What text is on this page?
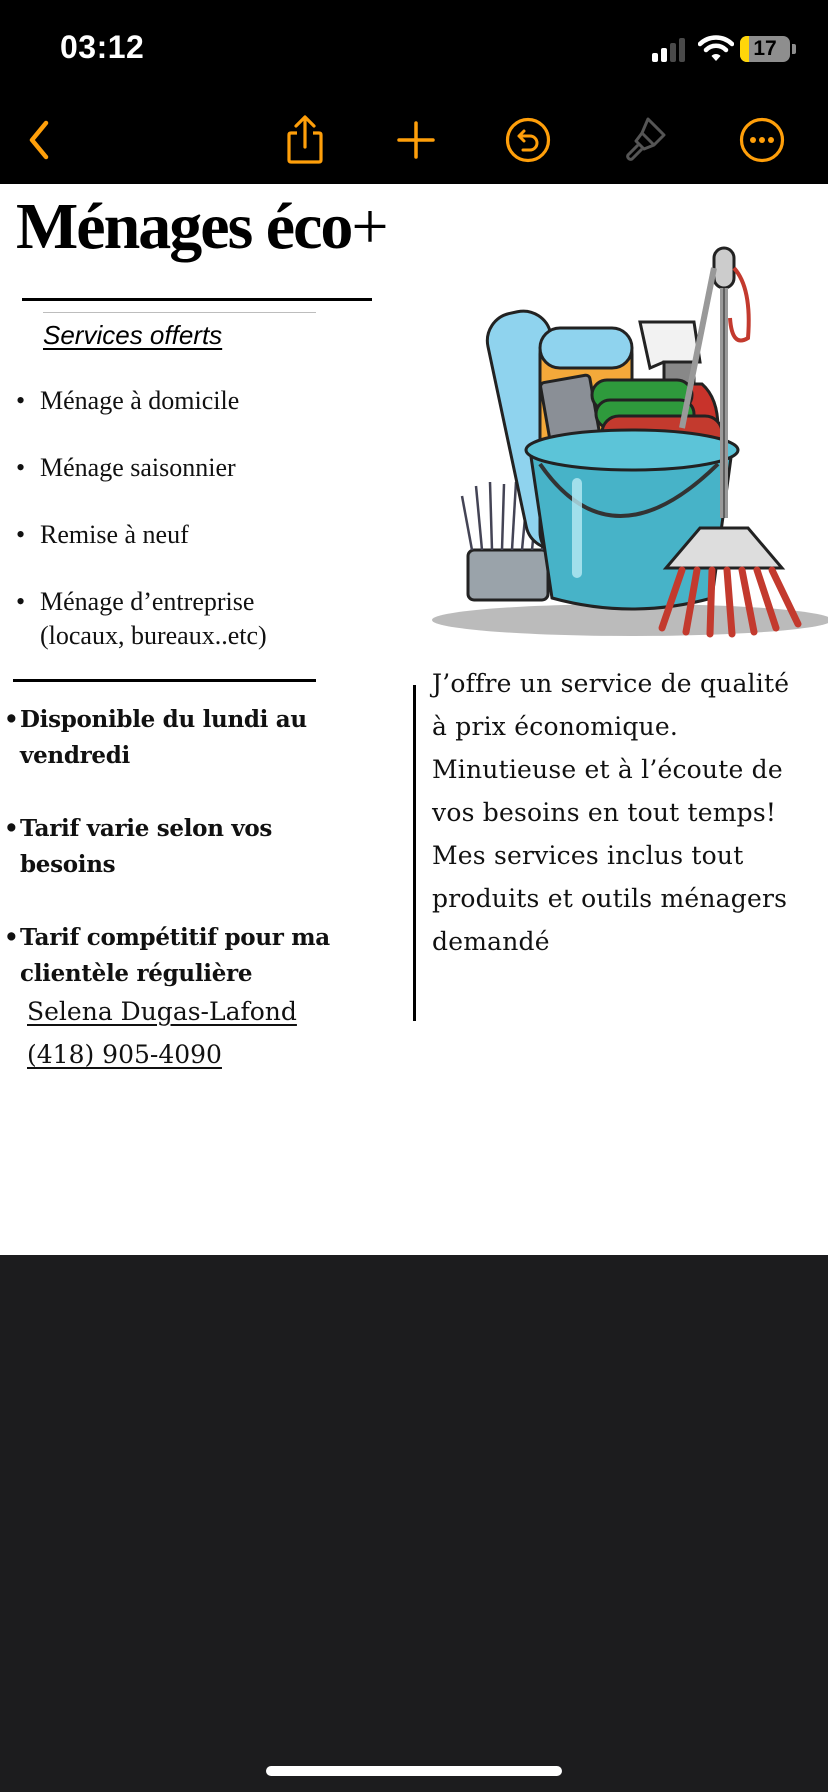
03:12	17
Ménages éco+
Services offerts
• Ménage à domicile
• Ménage saisonnier
• Remise à neuf
• Ménage d’entreprise (locaux, bureaux..etc)
• Disponible du lundi au vendredi
• Tarif varie selon vos besoins
• Tarif compétitif pour ma clientèle régulière
J’offre un service de qualité à prix économique. Minutieuse et à l’écoute de vos besoins en tout temps! Mes services inclus tout produits et outils ménagers demandé
Selena Dugas-Lafond
(418) 905-4090
